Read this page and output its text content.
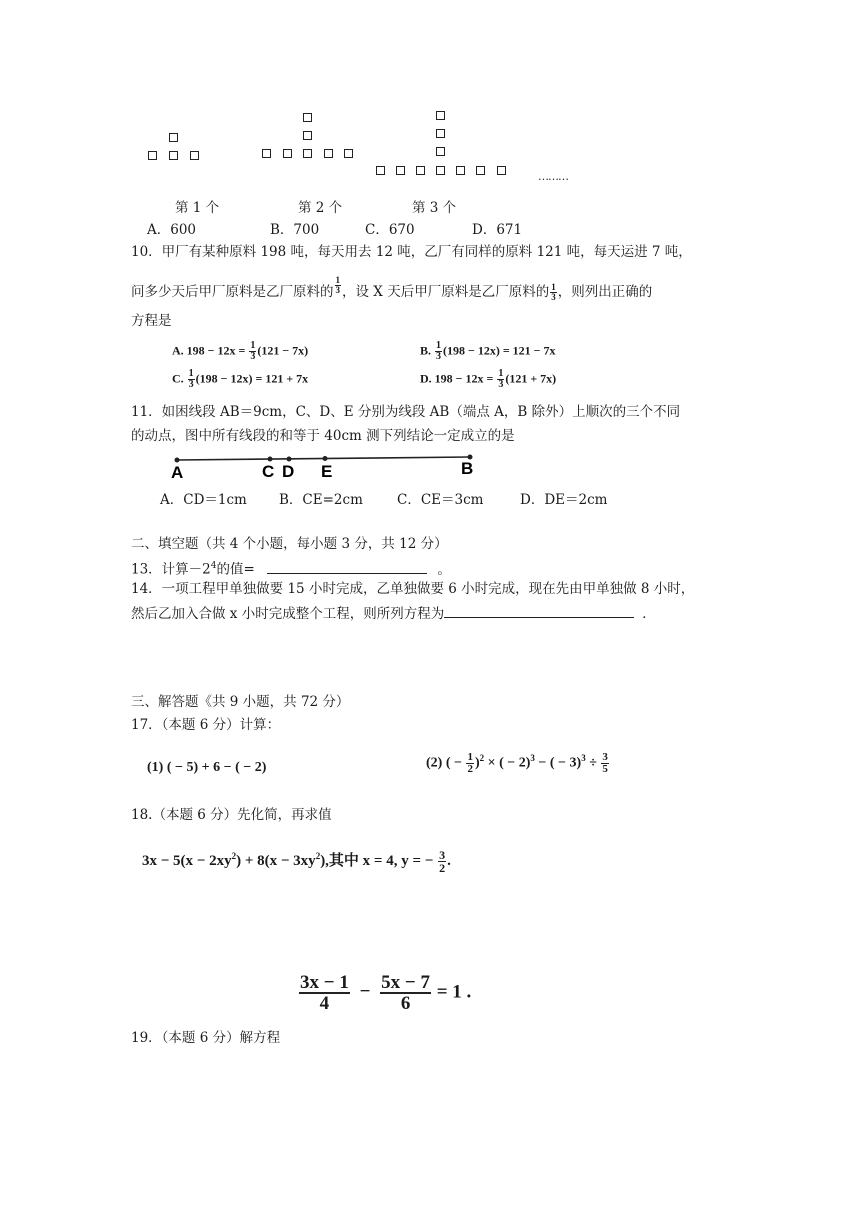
………
第 1 个	第 2 个	第 3 个
A．600	B．700	C．670	D．671
10．甲厂有某种原料 198 吨，每天用去 12 吨，乙厂有同样的原料 121 吨，每天运进 7 吨，
问多少天后甲厂原料是乙厂原料的 $\frac{1}{3}$ ，设 X 天后甲厂原料是乙厂原料的 $\frac{1}{3}$ ，则列出正确的
方程是
A. $198 - 12x = \frac{1}{3} (121 - 7x)$	B. $\frac{1}{3} (198 - 12x) = 121 - 7x$
C. $\frac{1}{3} (198 - 12x) = 121 + 7x$	D. $198 - 12x = \frac{1}{3} (121 + 7x)$
11．如困线段 AB＝9cm，C、D、E 分别为线段 AB（端点 A，B 除外）上顺次的三个不同
的动点，图中所有线段的和等于 40cm 测下列结论一定成立的是
A	C D E	B
A．CD＝1cm B．CE=2cm	C．CE＝3cm	D．DE＝2cm
二、填空题（共 4 个小题，每小题 3 分，共 12 分）
13．计算$-2^4$的值=	。
14．一项工程甲单独做要 15 小时完成，乙单独做要 6 小时完成，现在先由甲单独做 8 小时，
然后乙加入合做 x 小时完成整个工程，则所列方程为	．
三、解答题《共 9 小题，共 72 分）
17．（本题 6 分）计算：
(1) ( − 5) + 6 − ( − 2)	(2) ( − $\frac{1}{2} )^2$ × ( − 2)$^3$ − ( − $3)^3 \div \frac{3}{5}$
18.（本题 6 分）先化简，再求值
$3x - 5(x - 2xy^2) + 8(x - 3xy^2)$,其中 x = 4, y = − $\frac{3}{2}$ .
$\frac{3x - 1}{4} - \frac{5x - 7}{6} = 1$ .
19．（本题 6 分）解方程
